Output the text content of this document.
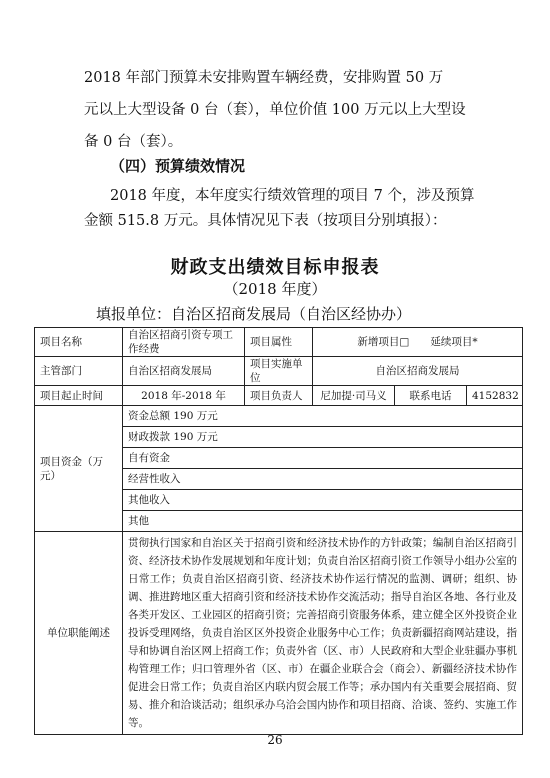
2018 年部门预算未安排购置车辆经费，安排购置 50 万
元以上大型设备 0 台（套），单位价值 100 万元以上大型设
备 0 台（套）。
（四）预算绩效情况
2018 年度，本年度实行绩效管理的项目 7 个，涉及预算
金额 515.8 万元。具体情况见下表（按项目分别填报）：
财政支出绩效目标申报表
（2018 年度）
填报单位：自治区招商发展局（自治区经协办）
项目名称	自治区招商引资专项工作经费	项目属性	新增项目□　　延续项目*		
主管部门	自治区招商发展局	项目实施单位	自治区招商发展局		
项目起止时间	2018 年-2018 年	项目负责人	尼加提·司马义	联系电话	4152832
项目资金（万元）	资金总额 190 万元				
	财政拨款 190 万元				
	自有资金				
	经营性收入				
	其他收入				
	其他				
单位职能阐述	贯彻执行国家和自治区关于招商引资和经济技术协作的方针政策；编制自治区招商引资、经济技术协作发展规划和年度计划；负责自治区招商引资工作领导小组办公室的日常工作；负责自治区招商引资、经济技术协作运行情况的监测、调研；组织、协调、推进跨地区重大招商引资和经济技术协作交流活动；指导自治区各地、各行业及各类开发区、工业园区的招商引资；完善招商引资服务体系，建立健全区外投资企业投诉受理网络，负责自治区区外投资企业服务中心工作；负责新疆招商网站建设，指导和协调自治区网上招商工作；负责外省（区、市）人民政府和大型企业驻疆办事机构管理工作；归口管理外省（区、市）在疆企业联合会（商会）、新疆经济技术协作促进会日常工作；负责自治区内联内贸会展工作等；承办国内有关重要会展招商、贸易、推介和洽谈活动；组织承办乌洽会国内协作和项目招商、洽谈、签约、实施工作等。				
26
